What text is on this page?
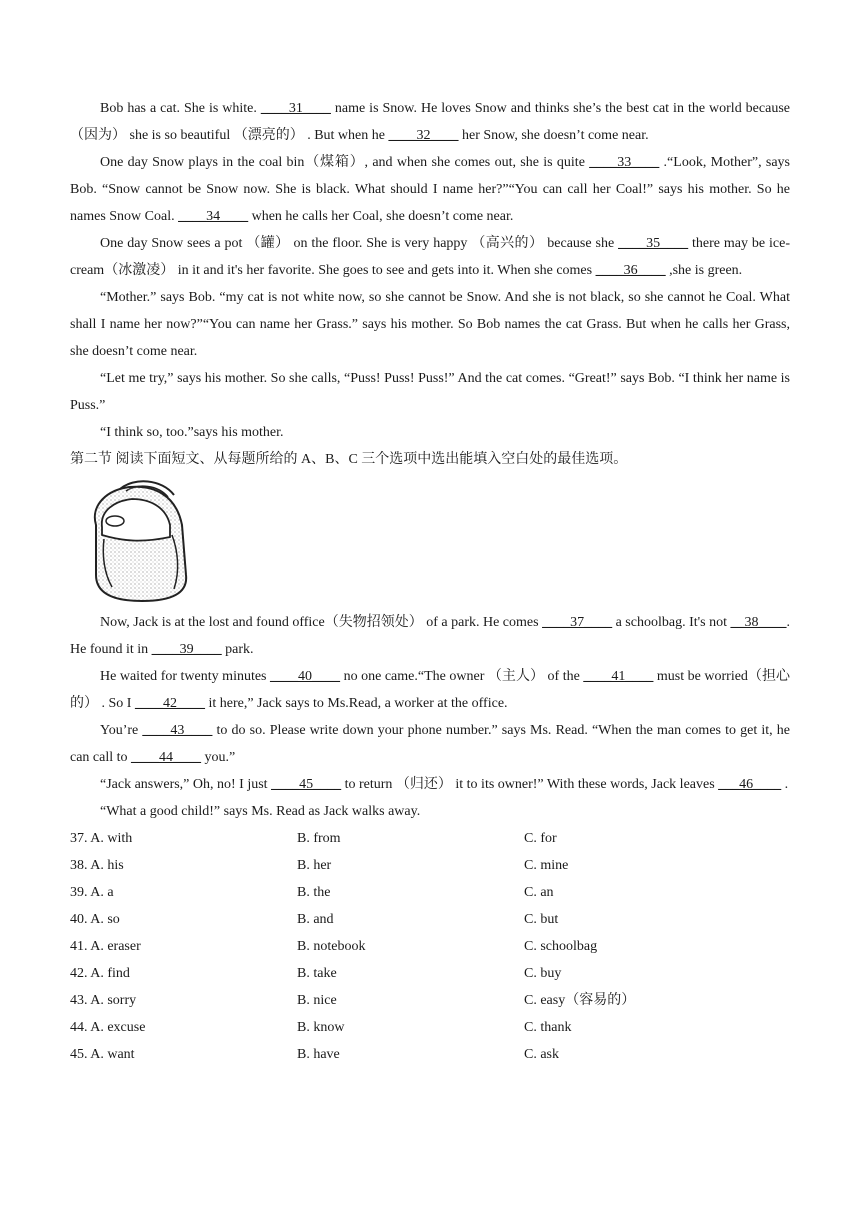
Bob has a cat. She is white. ____31____ name is Snow. He loves Snow and thinks she’s the best cat in the world because （因为） she is so beautiful （漂亮的） . But when he ____32____ her Snow, she doesn’t come near.

One day Snow plays in the coal bin（煤箱）, and when she comes out, she is quite ____33____ .“Look, Mother”, says Bob. “Snow cannot be Snow now. She is black. What should I name her?”“You can call her Coal!” says his mother. So he names Snow Coal. ____34____ when he calls her Coal, she doesn’t come near.

One day Snow sees a pot （罐） on the floor. She is very happy （高兴的） because she ____35____ there may be ice-cream（冰激凌） in it and it's her favorite. She goes to see and gets into it. When she comes ____36____ ,she is green.

“Mother.” says Bob. “my cat is not white now, so she cannot be Snow. And she is not black, so she cannot he Coal. What shall I name her now?”“You can name her Grass.” says his mother. So Bob names the cat Grass. But when he calls her Grass, she doesn’t come near.

“Let me try,” says his mother. So she calls, “Puss! Puss! Puss!” And the cat comes. “Great!” says Bob. “I think her name is Puss.”

“I think so, too.”says his mother.

第二节 阅读下面短文、从每题所给的 A、B、C 三个选项中选出能填入空白处的最佳选项。

Now, Jack is at the lost and found office（失物招领处） of a park. He comes ____37____ a schoolbag. It's not __38____. He found it in ____39____ park.

He waited for twenty minutes ____40____ no one came.“The owner （主人） of the ____41____ must be worried（担心的） . So I ____42____ it here,” Jack says to Ms.Read, a worker at the office.

You’re ____43____ to do so. Please write down your phone number.” says Ms. Read. “When the man comes to get it, he can call to ____44____ you.”

“Jack answers,” Oh, no! I just ____45____ to return （归还） it to its owner!” With these words, Jack leaves ___46____ .

“What a good child!” says Ms. Read as Jack walks away.

37. A. with	B. from	C. for
38. A. his	B. her	C. mine
39. A. a	B. the	C. an
40. A. so	B. and	C. but
41. A. eraser	B. notebook	C. schoolbag
42. A. find	B. take	C. buy
43. A. sorry	B. nice	C. easy（容易的）
44. A. excuse	B. know	C. thank
45. A. want	B. have	C. ask
